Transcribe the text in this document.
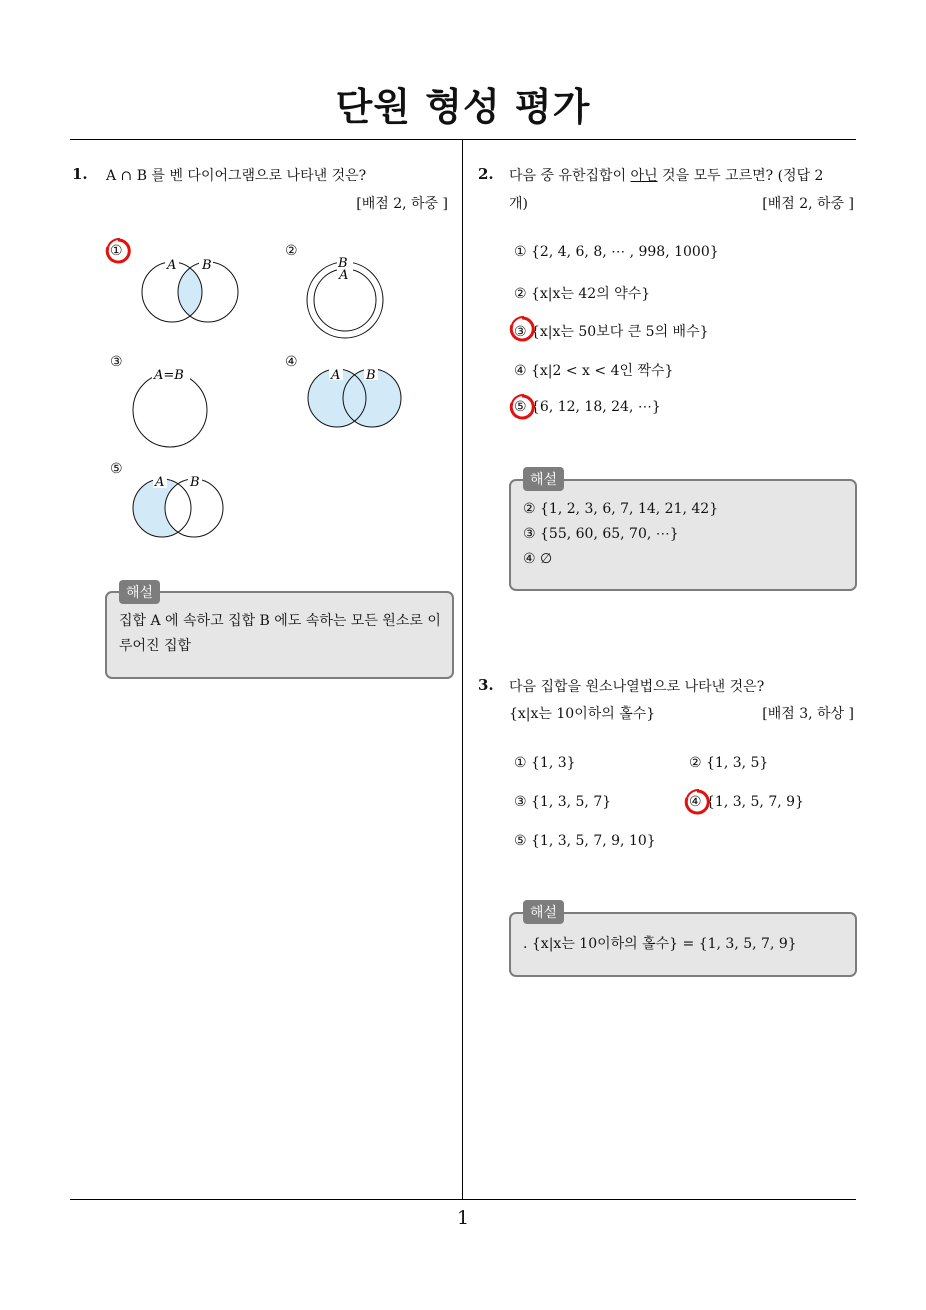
단원 형성 평가
1
1. A ∩ B 를 벤 다이어그램으로 나타낸 것은?
[배점 2, 하중 ]
①
A B
②
B
A
③
A=B
④
A B
⑤
A B
집합 A 에 속하고 집합 B 에도 속하는 모든 원소로 이루어진 집합
해설
2. 다음 중 유한집합이 아닌 것을 모두 고르면? (정답 2
개)	[배점 2, 하중 ]
① {2, 4, 6, 8, ⋯ , 998, 1000}
② {x|x는 42의 약수}
③ {x|x는 50보다 큰 5의 배수}
④ {x|2 < x < 4인 짝수}
⑤ {6, 12, 18, 24, ⋯}
② {1, 2, 3, 6, 7, 14, 21, 42}
③ {55, 60, 65, 70, ⋯}
④ ∅
해설
3. 다음 집합을 원소나열법으로 나타낸 것은?
{x|x는 10이하의 홀수}	[배점 3, 하상 ]
① {1, 3}	② {1, 3, 5}
③ {1, 3, 5, 7}	④ {1, 3, 5, 7, 9}
⑤ {1, 3, 5, 7, 9, 10}
. {x|x는 10이하의 홀수} = {1, 3, 5, 7, 9}
해설
